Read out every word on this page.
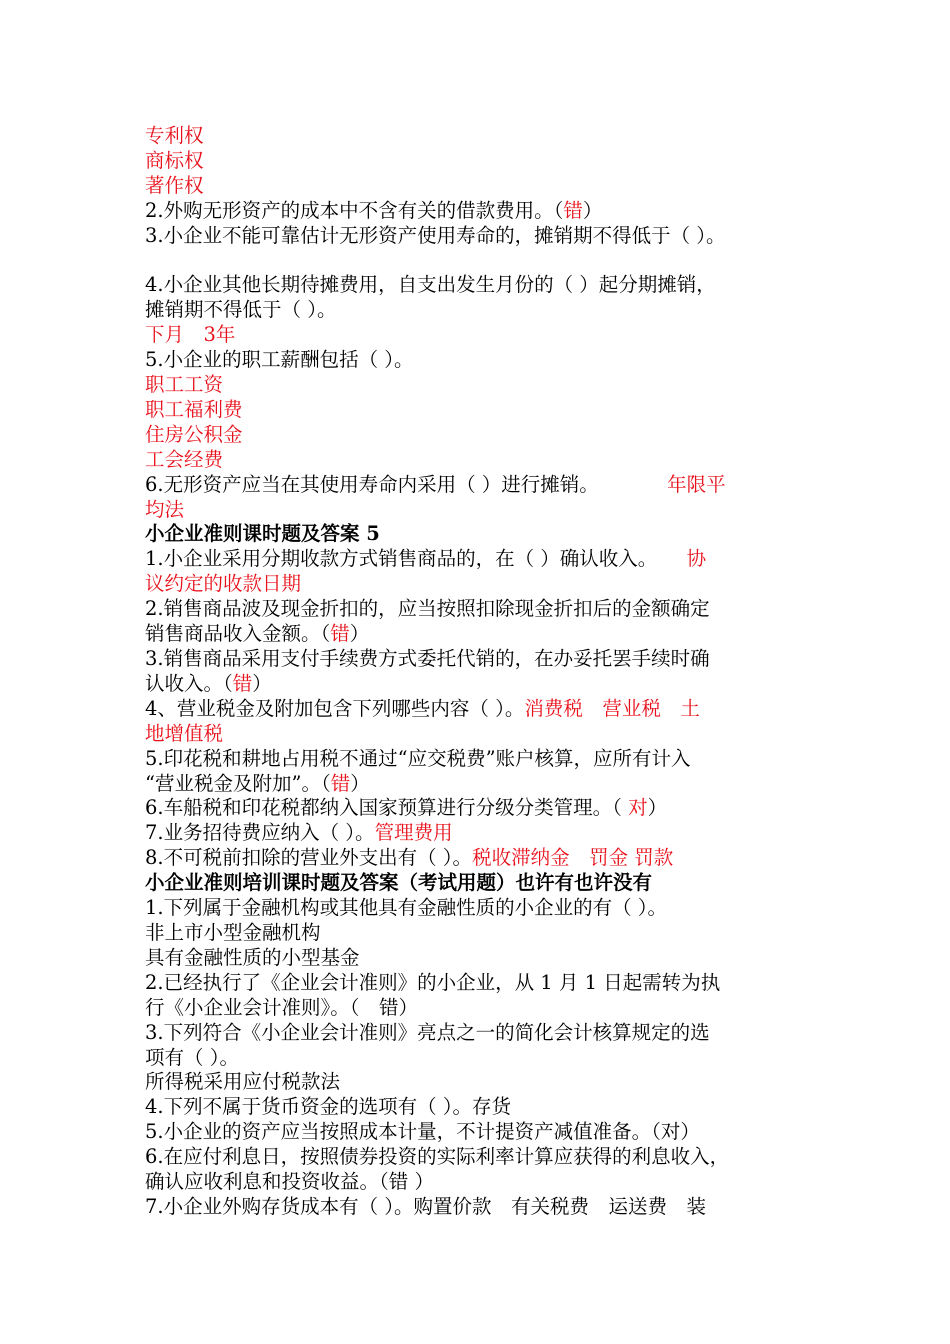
专利权

商标权

著作权

2.外购无形资产的成本中不含有关的借款费用。（错）

3.小企业不能可靠估计无形资产使用寿命的，摊销期不得低于（ ）。

4.小企业其他长期待摊费用，自支出发生月份的（ ）起分期摊销，

摊销期不得低于（ ）。

下月　3年

5.小企业的职工薪酬包括（ ）。

职工工资

职工福利费

住房公积金

工会经费

6.无形资产应当在其使用寿命内采用（ ）进行摊销。　　　　年限平

均法

小企业准则课时题及答案 5

1.小企业采用分期收款方式销售商品的，在（ ）确认收入。　　协

议约定的收款日期

2.销售商品波及现金折扣的，应当按照扣除现金折扣后的金额确定

销售商品收入金额。（错）

3.销售商品采用支付手续费方式委托代销的，在办妥托罢手续时确

认收入。（错）

4、营业税金及附加包含下列哪些内容（ ）。消费税　营业税　土

地增值税

5.印花税和耕地占用税不通过“应交税费”账户核算，应所有计入

“营业税金及附加”。（错）

6.车船税和印花税都纳入国家预算进行分级分类管理。（ 对）

7.业务招待费应纳入（ ）。管理费用

8.不可税前扣除的营业外支出有（ ）。税收滞纳金　罚金 罚款

小企业准则培训课时题及答案（考试用题）也许有也许没有

1.下列属于金融机构或其他具有金融性质的小企业的有（ ）。

非上市小型金融机构

具有金融性质的小型基金

2.已经执行了《企业会计准则》的小企业，从 1 月 1 日起需转为执

行《小企业会计准则》。（　错）

3.下列符合《小企业会计准则》亮点之一的简化会计核算规定的选

项有（ ）。

所得税采用应付税款法

4.下列不属于货币资金的选项有（ ）。存货

5.小企业的资产应当按照成本计量，不计提资产减值准备。（对）

6.在应付利息日，按照债券投资的实际利率计算应获得的利息收入，

确认应收利息和投资收益。（错 ）

7.小企业外购存货成本有（ ）。购置价款　有关税费　运送费　装
